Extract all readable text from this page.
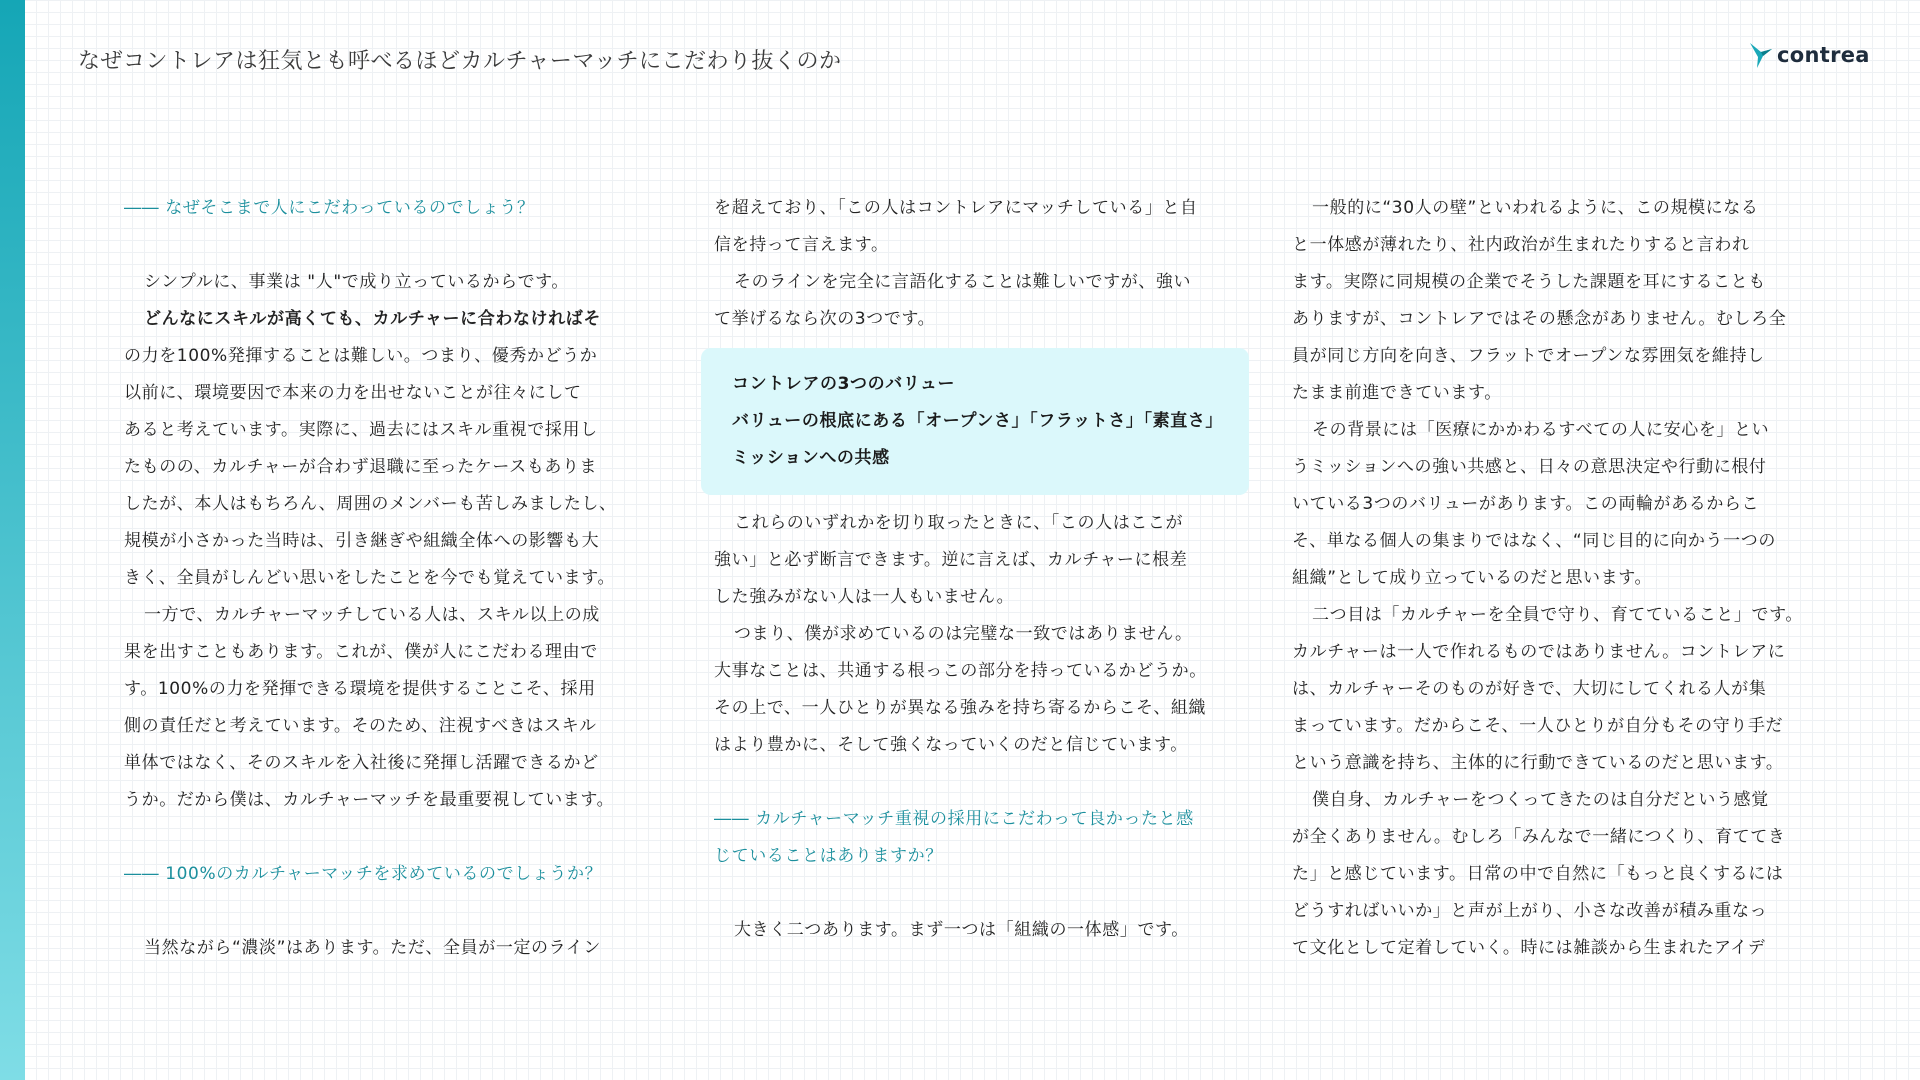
なぜコントレアは狂気とも呼べるほどカルチャーマッチにこだわり抜くのか	contrea
―― なぜそこまで人にこだわっているのでしょう？
シンプルに、事業は "人"で成り立っているからです。
どんなにスキルが高くても、カルチャーに合わなければそ
の力を100%発揮することは難しい。つまり、優秀かどうか
以前に、環境要因で本来の力を出せないことが往々にして
あると考えています。実際に、過去にはスキル重視で採用し
たものの、カルチャーが合わず退職に至ったケースもありま
したが、本人はもちろん、周囲のメンバーも苦しみましたし、
規模が小さかった当時は、引き継ぎや組織全体への影響も大
きく、全員がしんどい思いをしたことを今でも覚えています。
一方で、カルチャーマッチしている人は、スキル以上の成
果を出すこともあります。これが、僕が人にこだわる理由で
す。100%の力を発揮できる環境を提供することこそ、採用
側の責任だと考えています。そのため、注視すべきはスキル
単体ではなく、そのスキルを入社後に発揮し活躍できるかど
うか。だから僕は、カルチャーマッチを最重要視しています。
―― 100%のカルチャーマッチを求めているのでしょうか？
当然ながら“濃淡”はあります。ただ、全員が一定のライン
を超えており、「この人はコントレアにマッチしている」と自
信を持って言えます。
そのラインを完全に言語化することは難しいですが、強い
て挙げるなら次の3つです。
コントレアの3つのバリュー
バリューの根底にある「オープンさ」「フラットさ」「素直さ」
ミッションへの共感
これらのいずれかを切り取ったときに、「この人はここが
強い」と必ず断言できます。逆に言えば、カルチャーに根差
した強みがない人は一人もいません。
つまり、僕が求めているのは完璧な一致ではありません。
大事なことは、共通する根っこの部分を持っているかどうか。
その上で、一人ひとりが異なる強みを持ち寄るからこそ、組織
はより豊かに、そして強くなっていくのだと信じています。
―― カルチャーマッチ重視の採用にこだわって良かったと感
じていることはありますか？
大きく二つあります。まず一つは「組織の一体感」です。
一般的に“30人の壁”といわれるように、この規模になる
と一体感が薄れたり、社内政治が生まれたりすると言われ
ます。実際に同規模の企業でそうした課題を耳にすることも
ありますが、コントレアではその懸念がありません。むしろ全
員が同じ方向を向き、フラットでオープンな雰囲気を維持し
たまま前進できています。
その背景には「医療にかかわるすべての人に安心を」とい
うミッションへの強い共感と、日々の意思決定や行動に根付
いている3つのバリューがあります。この両輪があるからこ
そ、単なる個人の集まりではなく、“同じ目的に向かう一つの
組織”として成り立っているのだと思います。
二つ目は「カルチャーを全員で守り、育てていること」です。
カルチャーは一人で作れるものではありません。コントレアに
は、カルチャーそのものが好きで、大切にしてくれる人が集
まっています。だからこそ、一人ひとりが自分もその守り手だ
という意識を持ち、主体的に行動できているのだと思います。
僕自身、カルチャーをつくってきたのは自分だという感覚
が全くありません。むしろ「みんなで一緒につくり、育ててき
た」と感じています。日常の中で自然に「もっと良くするには
どうすればいいか」と声が上がり、小さな改善が積み重なっ
て文化として定着していく。時には雑談から生まれたアイデ
